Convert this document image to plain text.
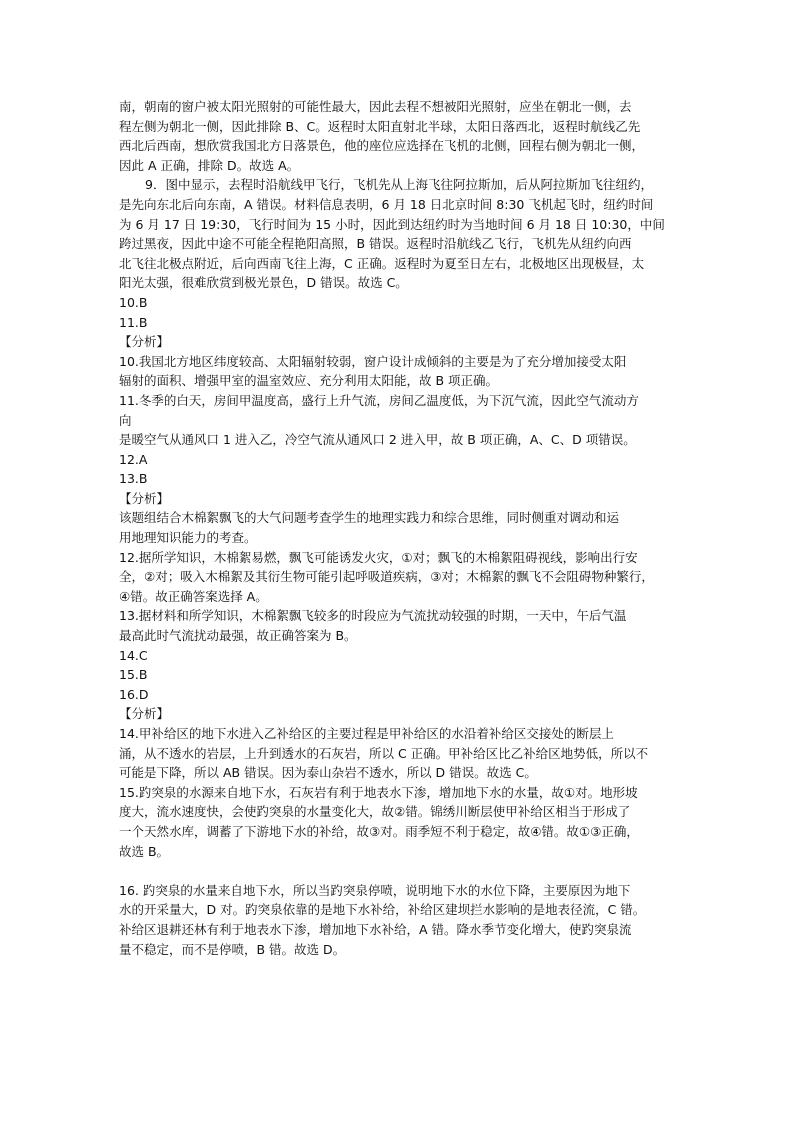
南，朝南的窗户被太阳光照射的可能性最大，因此去程不想被阳光照射，应坐在朝北一侧，去
程左侧为朝北一侧，因此排除 B、C。返程时太阳直射北半球，太阳日落西北，返程时航线乙先
西北后西南，想欣赏我国北方日落景色，他的座位应选择在飞机的北侧，回程右侧为朝北一侧，
因此 A 正确，排除 D。故选 A。
9．图中显示，去程时沿航线甲飞行，飞机先从上海飞往阿拉斯加，后从阿拉斯加飞往纽约，
是先向东北后向东南，A 错误。材料信息表明，6 月 18 日北京时间 8:30 飞机起飞时，纽约时间
为 6 月 17 日 19:30，飞行时间为 15 小时，因此到达纽约时为当地时间 6 月 18 日 10:30，中间
跨过黑夜，因此中途不可能全程艳阳高照，B 错误。返程时沿航线乙飞行，飞机先从纽约向西
北飞往北极点附近，后向西南飞往上海，C 正确。返程时为夏至日左右，北极地区出现极昼，太
阳光太强，很难欣赏到极光景色，D 错误。故选 C。
10.B
11.B
【分析】
10.我国北方地区纬度较高、太阳辐射较弱，窗户设计成倾斜的主要是为了充分增加接受太阳
辐射的面积、增强甲室的温室效应、充分利用太阳能，故 B 项正确。
11.冬季的白天，房间甲温度高，盛行上升气流，房间乙温度低，为下沉气流，因此空气流动方
向
是暖空气从通风口 1 进入乙，冷空气流从通风口 2 进入甲，故 B 项正确，A、C、D 项错误。
12.A
13.B
【分析】
该题组结合木棉絮飘飞的大气问题考查学生的地理实践力和综合思维，同时侧重对调动和运
用地理知识能力的考查。
12.据所学知识，木棉絮易燃，飘飞可能诱发火灾，①对；飘飞的木棉絮阻碍视线，影响出行安
全，②对；吸入木棉絮及其衍生物可能引起呼吸道疾病，③对；木棉絮的飘飞不会阻碍物种繁行，
④错。故正确答案选择 A。
13.据材料和所学知识，木棉絮飘飞较多的时段应为气流扰动较强的时期，一天中，午后气温
最高此时气流扰动最强，故正确答案为 B。
14.C
15.B
16.D
【分析】
14.甲补给区的地下水进入乙补给区的主要过程是甲补给区的水沿着补给区交接处的断层上
涌，从不透水的岩层，上升到透水的石灰岩，所以 C 正确。甲补给区比乙补给区地势低，所以不
可能是下降，所以 AB 错误。因为泰山杂岩不透水，所以 D 错误。故选 C。
15.趵突泉的水源来自地下水，石灰岩有利于地表水下渗，增加地下水的水量，故①对。地形坡
度大，流水速度快，会使趵突泉的水量变化大，故②错。锦绣川断层使甲补给区相当于形成了
一个天然水库，调蓄了下游地下水的补给，故③对。雨季短不利于稳定，故④错。故①③正确，
故选 B。
16. 趵突泉的水量来自地下水，所以当趵突泉停喷，说明地下水的水位下降，主要原因为地下
水的开采量大，D 对。趵突泉依靠的是地下水补给，补给区建坝拦水影响的是地表径流，C 错。
补给区退耕还林有利于地表水下渗，增加地下水补给，A 错。降水季节变化增大，使趵突泉流
量不稳定，而不是停喷，B 错。故选 D。
